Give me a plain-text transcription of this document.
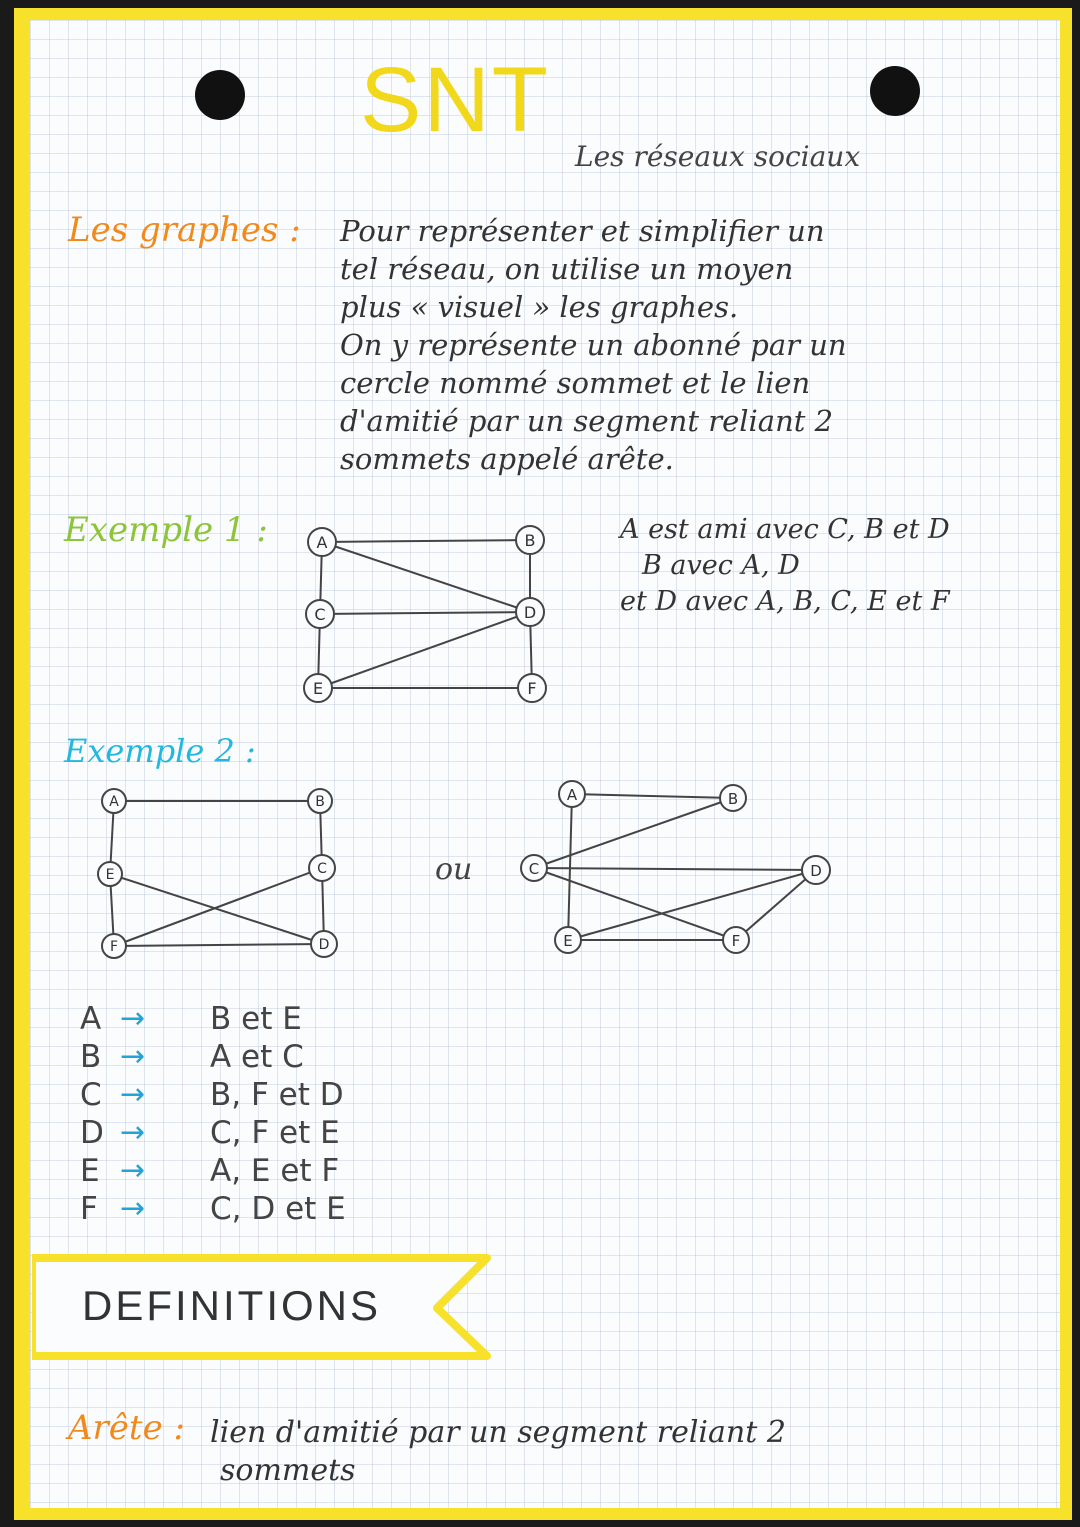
SNT
Les réseaux sociaux
Les graphes : Pour représenter et simplifier un
tel réseau, on utilise un moyen
plus « visuel » les graphes.
On y représente un abonné par un
cercle nommé sommet et le lien
d'amitié par un segment reliant 2
sommets appelé arête.
Exemple 1 :	A	B
C	D
E	F
A est ami avec C, B et D
B avec A, D
et D avec A, B, C, E et F
Exemple 2 :
A	B
C
D
E
F
ou
A	B
C	D
E	F
A →	B et E
B →	A et C
C →	B, F et D
D →	C, F et E
E →	A, E et F
F →	C, D et E
DEFINITIONS
Arête : lien d'amitié par un segment reliant 2
sommets
